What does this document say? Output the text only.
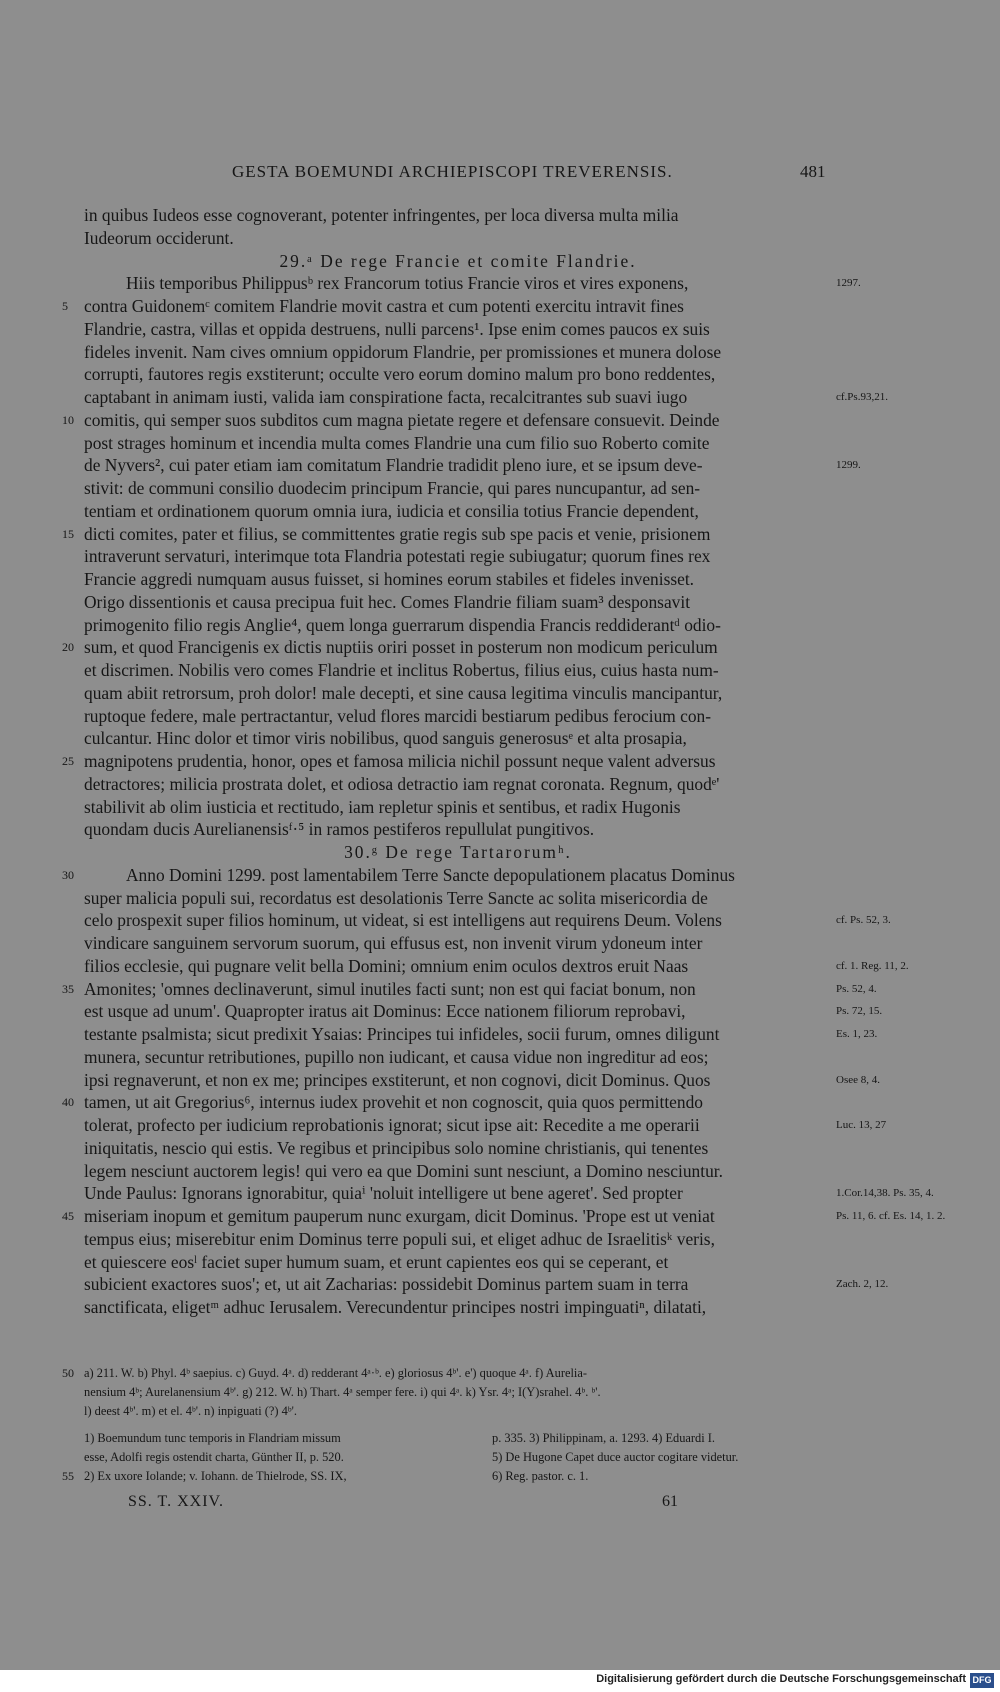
GESTA BOEMUNDI ARCHIEPISCOPI TREVERENSIS.	481
in quibus Iudeos esse cognoverant, potenter infringentes, per loca diversa multa milia
Iudeorum occiderunt.
29.ᵃ De rege Francie et comite Flandrie.
Hiis temporibus Philippusᵇ rex Francorum totius Francie viros et vires exponens,	1297.
5 contra Guidonemᶜ comitem Flandrie movit castra et cum potenti exercitu intravit fines
Flandrie, castra, villas et oppida destruens, nulli parcens¹. Ipse enim comes paucos ex suis
fideles invenit. Nam cives omnium oppidorum Flandrie, per promissiones et munera dolose
corrupti, fautores regis exstiterunt; occulte vero eorum domino malum pro bono reddentes,
captabant in animam iusti, valida iam conspiratione facta, recalcitrantes sub suavi iugo	cf.Ps.93,21.
10 comitis, qui semper suos subditos cum magna pietate regere et defensare consuevit. Deinde
post strages hominum et incendia multa comes Flandrie una cum filio suo Roberto comite
de Nyvers², cui pater etiam iam comitatum Flandrie tradidit pleno iure, et se ipsum deve-	1299.
stivit: de communi consilio duodecim principum Francie, qui pares nuncupantur, ad sen-
tentiam et ordinationem quorum omnia iura, iudicia et consilia totius Francie dependent,
15 dicti comites, pater et filius, se committentes gratie regis sub spe pacis et venie, prisionem
intraverunt servaturi, interimque tota Flandria potestati regie subiugatur; quorum fines rex
Francie aggredi numquam ausus fuisset, si homines eorum stabiles et fideles invenisset.
Origo dissentionis et causa precipua fuit hec. Comes Flandrie filiam suam³ desponsavit
primogenito filio regis Anglie⁴, quem longa guerrarum dispendia Francis reddiderantᵈ odio-
20 sum, et quod Francigenis ex dictis nuptiis oriri posset in posterum non modicum periculum
et discrimen. Nobilis vero comes Flandrie et inclitus Robertus, filius eius, cuius hasta num-
quam abiit retrorsum, proh dolor! male decepti, et sine causa legitima vinculis mancipantur,
ruptoque federe, male pertractantur, velud flores marcidi bestiarum pedibus ferocium con-
culcantur. Hinc dolor et timor viris nobilibus, quod sanguis generosusᵉ et alta prosapia,
25 magnipotens prudentia, honor, opes et famosa milicia nichil possunt neque valent adversus
detractores; milicia prostrata dolet, et odiosa detractio iam regnat coronata. Regnum, quodᵉ'
stabilivit ab olim iusticia et rectitudo, iam repletur spinis et sentibus, et radix Hugonis
quondam ducis Aurelianensisᶠ·⁵ in ramos pestiferos repullulat pungitivos.
30.ᵍ De rege Tartarorumʰ.
30	Anno Domini 1299. post lamentabilem Terre Sancte depopulationem placatus Dominus
super malicia populi sui, recordatus est desolationis Terre Sancte ac solita misericordia de
celo prospexit super filios hominum, ut videat, si est intelligens aut requirens Deum. Volens	cf. Ps. 52, 3.
vindicare sanguinem servorum suorum, qui effusus est, non invenit virum ydoneum inter
filios ecclesie, qui pugnare velit bella Domini; omnium enim oculos dextros eruit Naas	cf. 1. Reg. 11, 2.
35 Amonites; 'omnes declinaverunt, simul inutiles facti sunt; non est qui faciat bonum, non	Ps. 52, 4.
est usque ad unum'. Quapropter iratus ait Dominus: Ecce nationem filiorum reprobavi,	Ps. 72, 15.
testante psalmista; sicut predixit Ysaias: Principes tui infideles, socii furum, omnes diligunt	Es. 1, 23.
munera, secuntur retributiones, pupillo non iudicant, et causa vidue non ingreditur ad eos;
ipsi regnaverunt, et non ex me; principes exstiterunt, et non cognovi, dicit Dominus. Quos	Osee 8, 4.
40 tamen, ut ait Gregorius⁶, internus iudex provehit et non cognoscit, quia quos permittendo
tolerat, profecto per iudicium reprobationis ignorat; sicut ipse ait: Recedite a me operarii	Luc. 13, 27
iniquitatis, nescio qui estis. Ve regibus et principibus solo nomine christianis, qui tenentes
legem nesciunt auctorem legis! qui vero ea que Domini sunt nesciunt, a Domino nesciuntur.
Unde Paulus: Ignorans ignorabitur, quiaⁱ 'noluit intelligere ut bene ageret'. Sed propter	1.Cor.14,38. Ps. 35, 4.
45 miseriam inopum et gemitum pauperum nunc exurgam, dicit Dominus. 'Prope est ut veniat	Ps. 11, 6. cf. Es. 14, 1. 2.
tempus eius; miserebitur enim Dominus terre populi sui, et eliget adhuc de Israelitisᵏ veris,
et quiescere eosˡ faciet super humum suam, et erunt capientes eos qui se ceperant, et
subicient exactores suos'; et, ut ait Zacharias: possidebit Dominus partem suam in terra	Zach. 2, 12.
sanctificata, eligetᵐ adhuc Ierusalem. Verecundentur principes nostri impinguatiⁿ, dilatati,
50 a) 211. W. b) Phyl. 4ᵇ saepius. c) Guyd. 4ᵃ. d) redderant 4ᵃ·ᵇ. e) gloriosus 4ᵇ'. e') quoque 4ᵃ. f) Aurelia-
nensium 4ᵇ; Aurelanensium 4ᵇ'. g) 212. W. h) Thart. 4ᵃ semper fere. i) qui 4ᵃ. k) Ysr. 4ᵃ; I(Y)srahel. 4ᵇ. ᵇ'.
l) deest 4ᵇ'. m) et el. 4ᵇ'. n) inpiguati (?) 4ᵇ'.
1) Boemundum tunc temporis in Flandriam missum	p. 335. 3) Philippinam, a. 1293. 4) Eduardi I.
esse, Adolfi regis ostendit charta, Günther II, p. 520.	5) De Hugone Capet duce auctor cogitare videtur.
55 2) Ex uxore Iolande; v. Iohann. de Thielrode, SS. IX,	6) Reg. pastor. c. 1.
SS. T. XXIV.	61
Digitalisierung gefördert durch die Deutsche Forschungsgemeinschaft DFG
